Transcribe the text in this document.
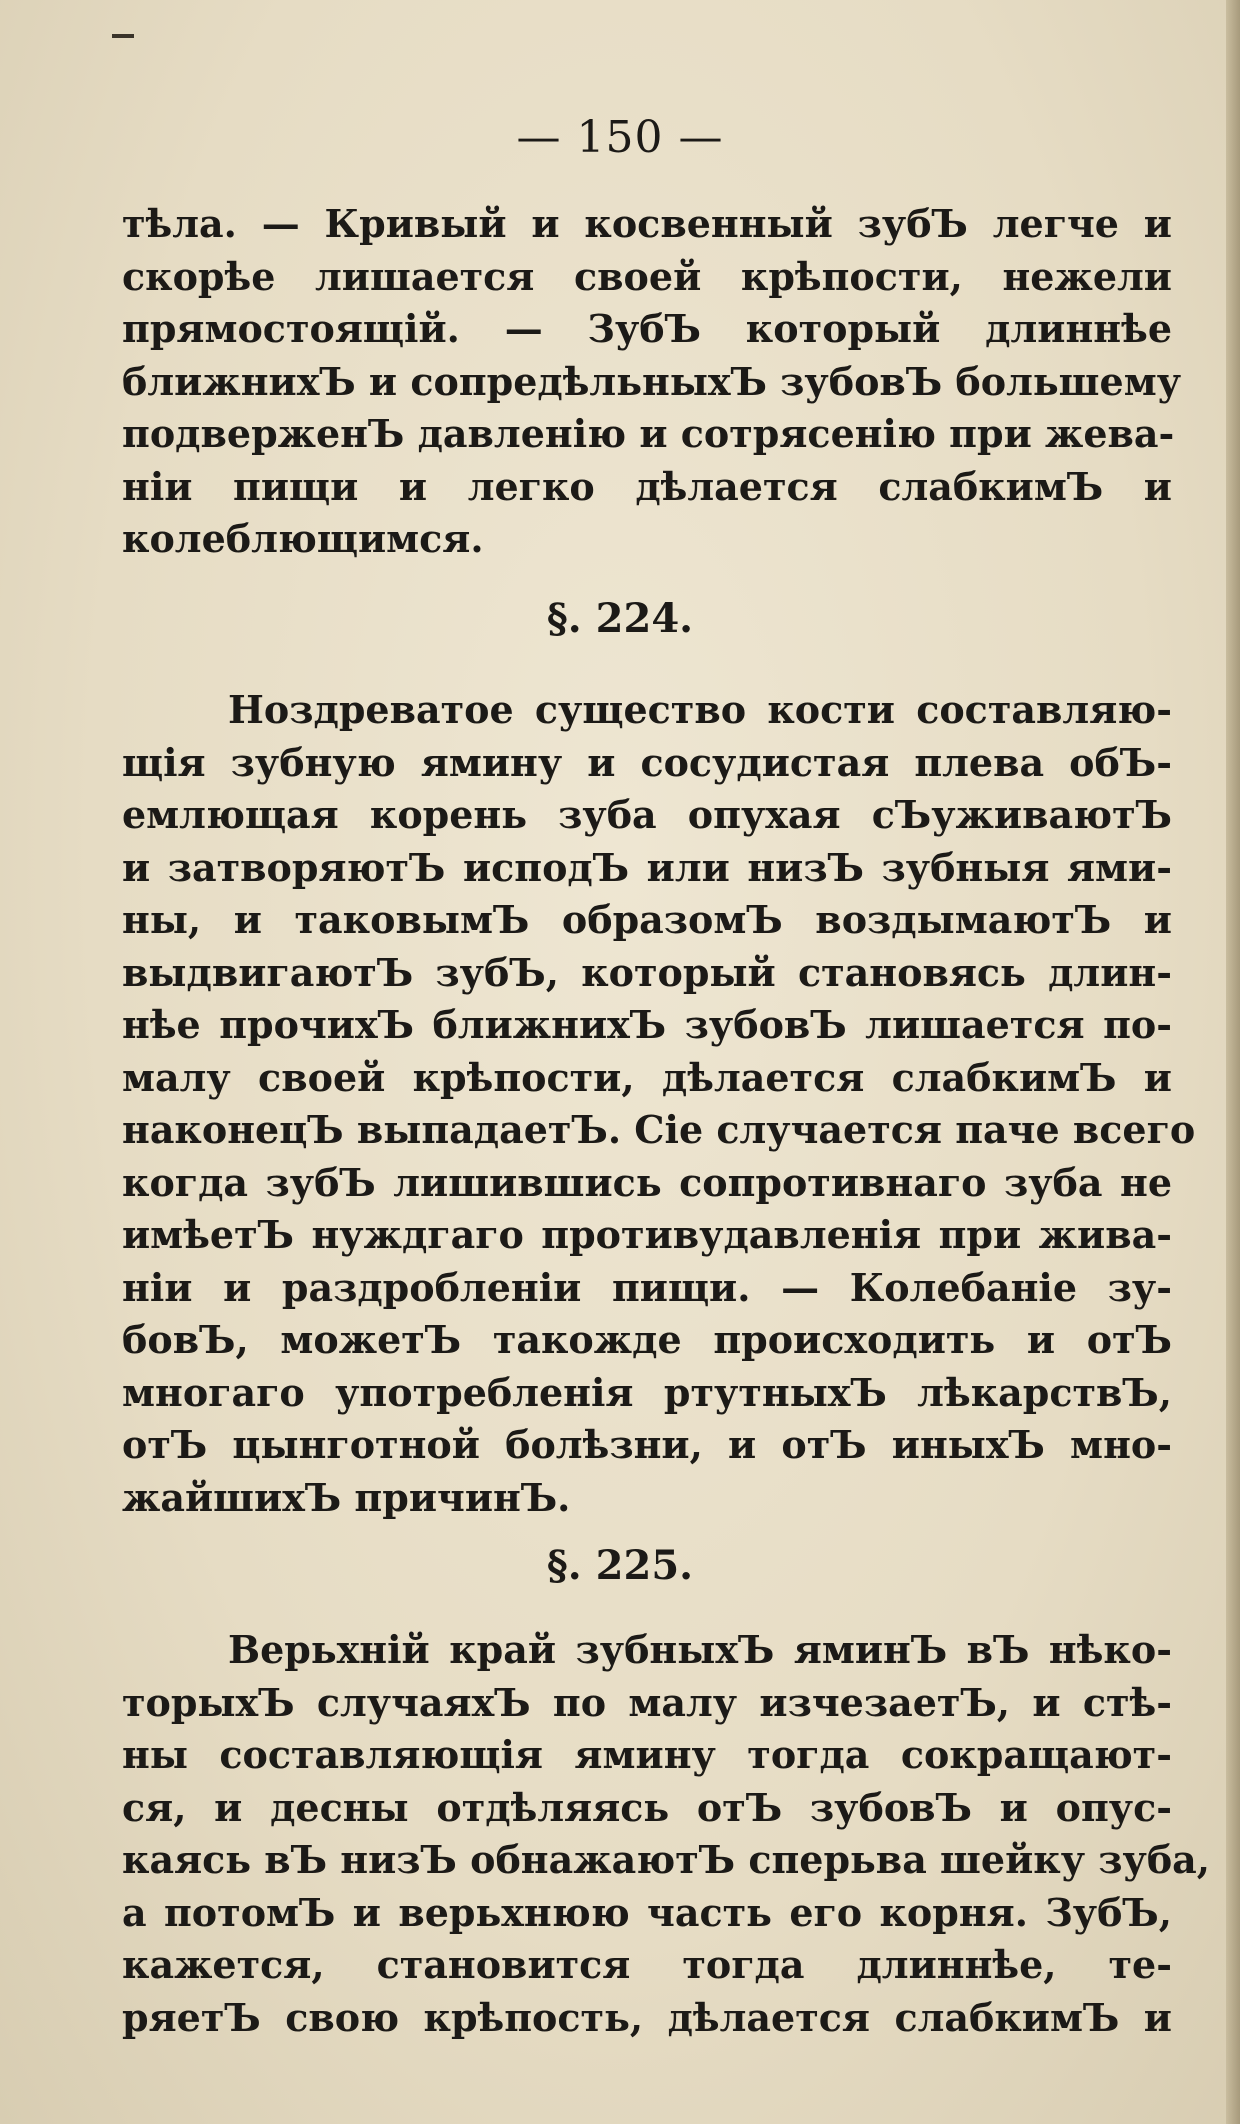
— 150 —
тѣла. — Кривый и косвенный зубЪ легче и
скорѣе лишается своей крѣпости, нежели
прямостоящій. — ЗубЪ который длиннѣе
ближнихЪ и сопредѣльныхЪ зубовЪ большему
подверженЪ давленію и сотрясенію при жева-
ніи пищи и легко дѣлается слабкимЪ и
колеблющимся.
§. 224.
Ноздреватое существо кости составляю-
щія зубную ямину и сосудистая плева обЪ-
емлющая корень зуба опухая сЪуживаютЪ
и затворяютЪ исподЪ или низЪ зубныя ями-
ны, и таковымЪ образомЪ воздымаютЪ и
выдвигаютЪ зубЪ, который становясь длин-
нѣе прочихЪ ближнихЪ зубовЪ лишается по-
малу своей крѣпости, дѣлается слабкимЪ и
наконецЪ выпадаетЪ. Сіе случается паче всего
когда зубЪ лишившись сопротивнаго зуба не
имѣетЪ нуждгаго противудавленія при жива-
ніи и раздробленіи пищи. — Колебаніе зу-
бовЪ, можетЪ такожде происходить и отЪ
многаго употребленія ртутныхЪ лѣкарствЪ,
отЪ цынготной болѣзни, и отЪ иныхЪ мно-
жайшихЪ причинЪ.
§. 225.
Верьхній край зубныхЪ яминЪ вЪ нѣко-
торыхЪ случаяхЪ по малу изчезаетЪ, и стѣ-
ны составляющія ямину тогда сокращают-
ся, и десны отдѣляясь отЪ зубовЪ и опус-
каясь вЪ низЪ обнажаютЪ сперьва шейку зуба,
а потомЪ и верьхнюю часть его корня. ЗубЪ,
кажется, становится тогда длиннѣе, те-
ряетЪ свою крѣпость, дѣлается слабкимЪ и
